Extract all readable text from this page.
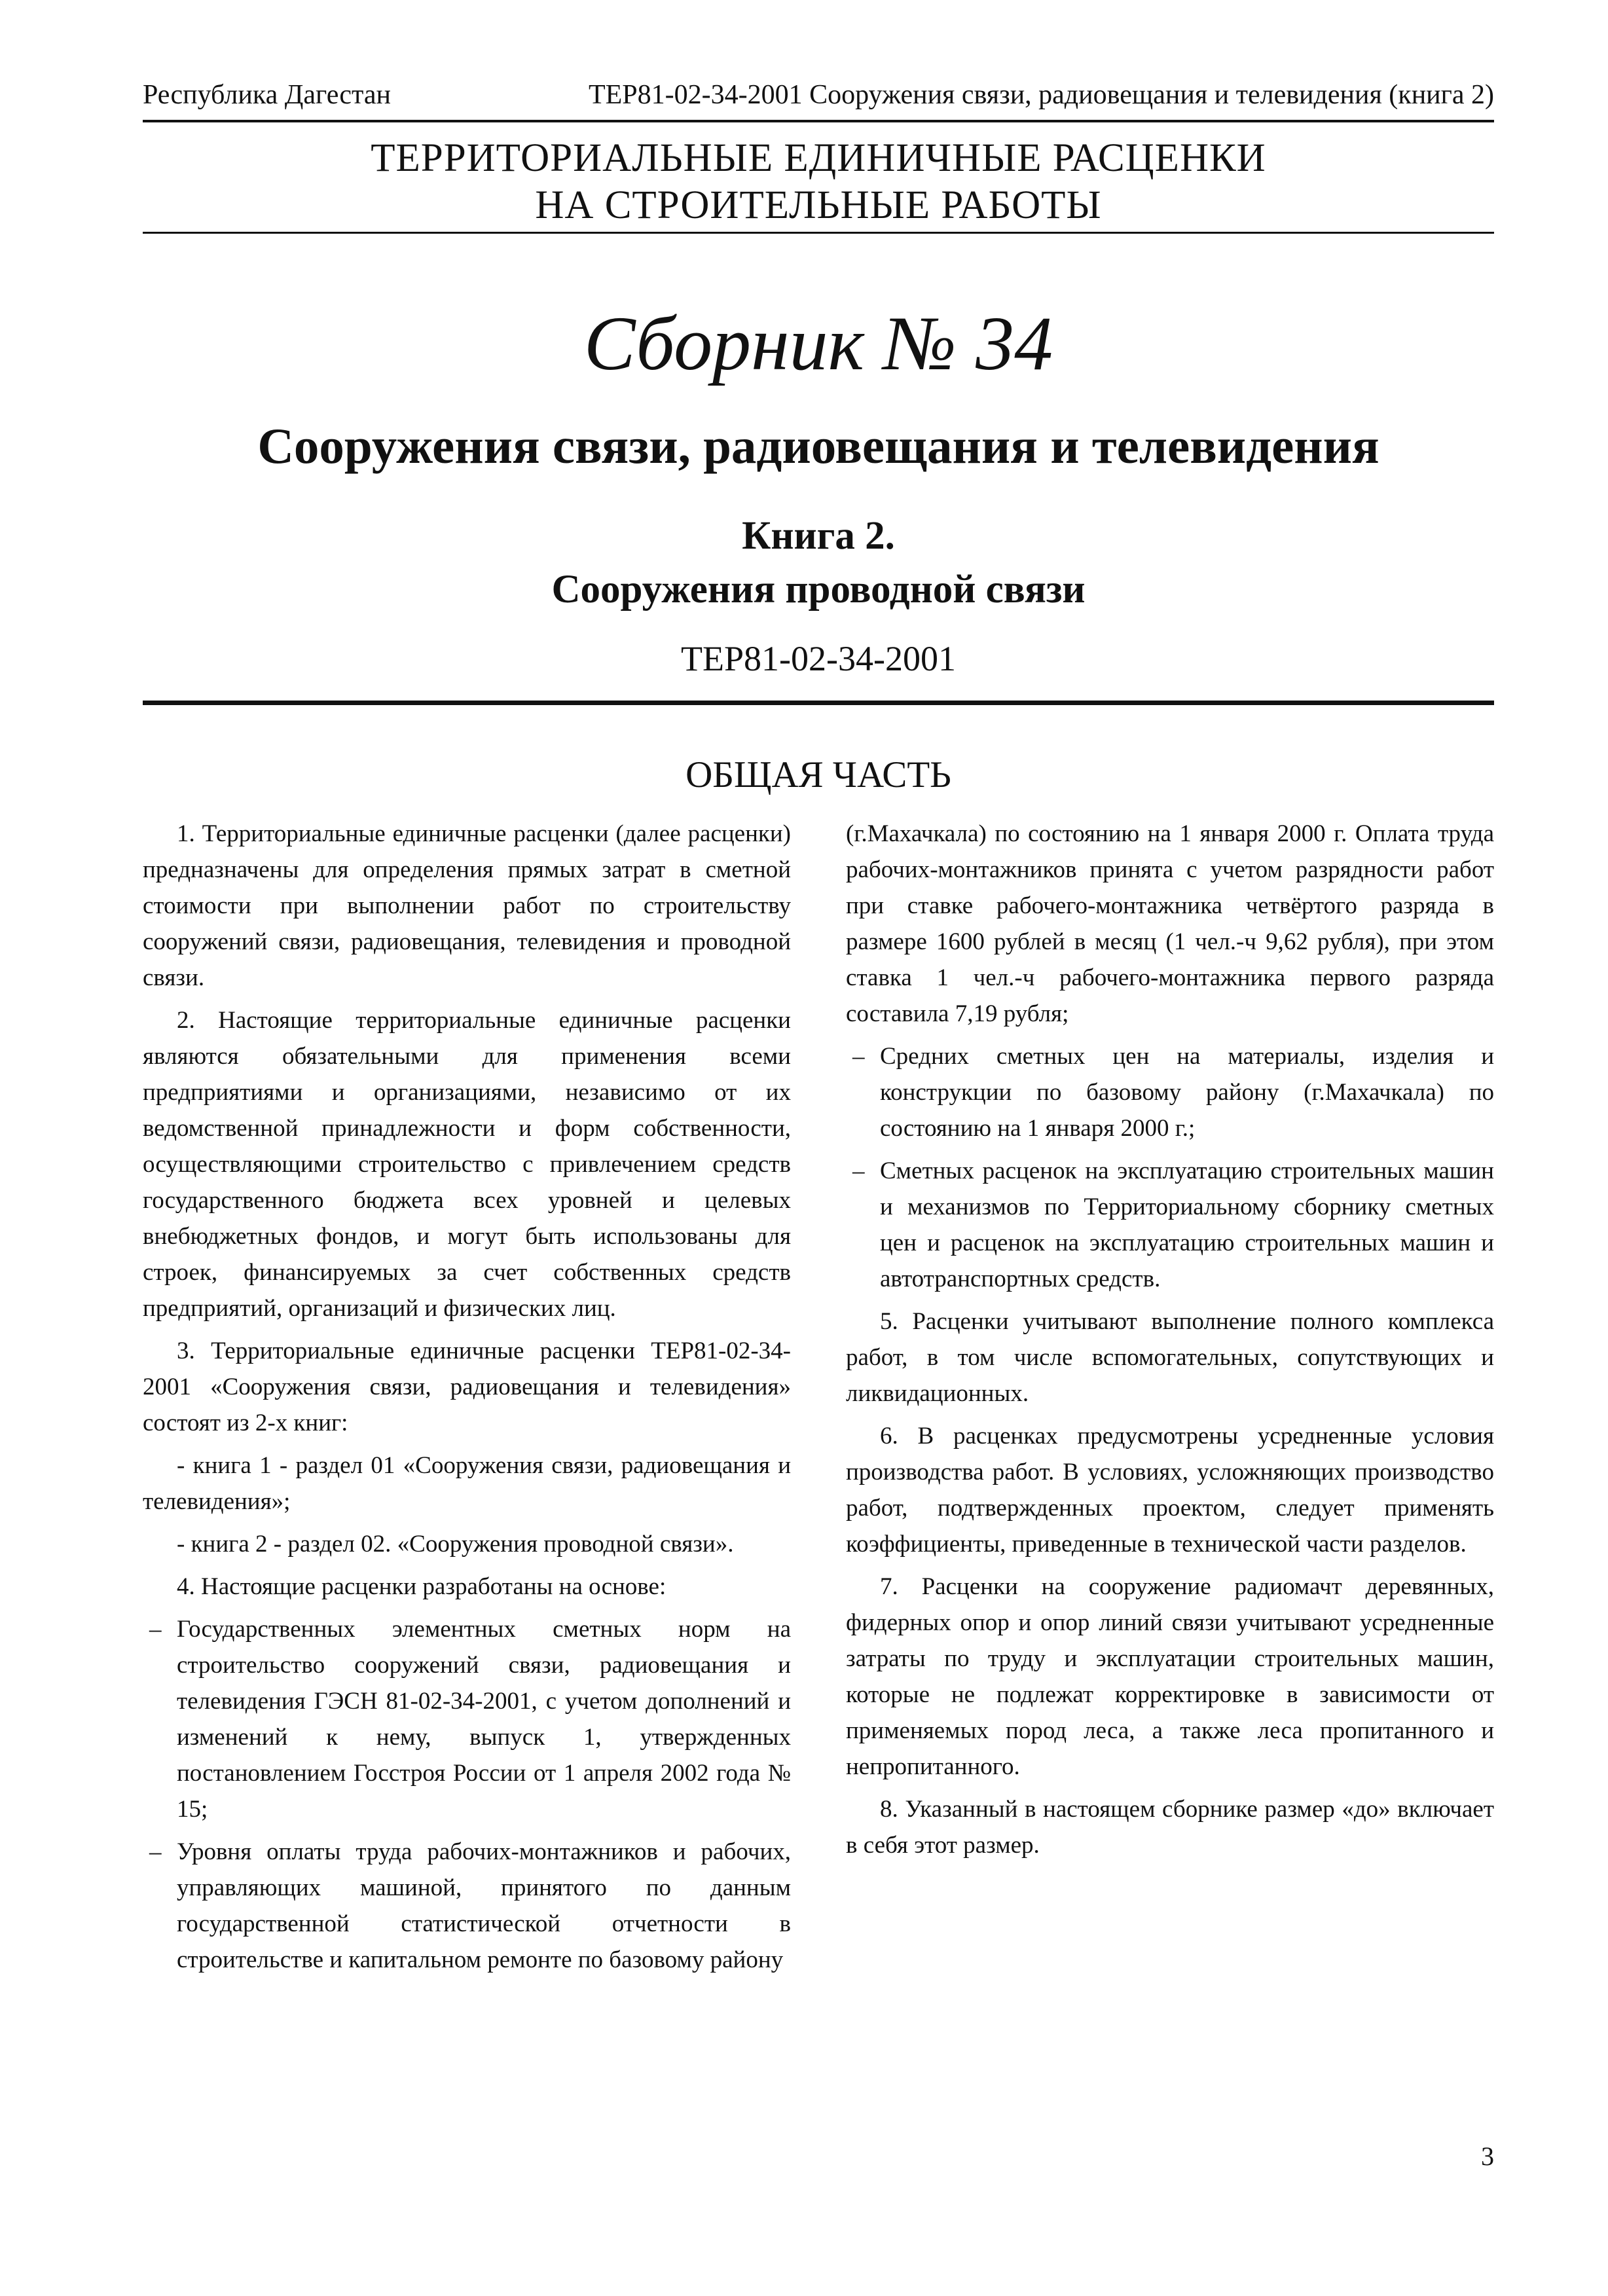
Республика Дагестан	ТЕР81-02-34-2001 Сооружения связи, радиовещания и телевидения (книга 2)
ТЕРРИТОРИАЛЬНЫЕ ЕДИНИЧНЫЕ РАСЦЕНКИ
НА СТРОИТЕЛЬНЫЕ РАБОТЫ
Сборник № 34
Сооружения связи, радиовещания и телевидения
Книга 2.
Сооружения проводной связи
ТЕР81-02-34-2001
ОБЩАЯ ЧАСТЬ

1. Территориальные единичные расценки (далее расценки) предназначены для определения прямых затрат в сметной стоимости при выполнении работ по строительству сооружений связи, радиовещания, телевидения и проводной связи.

2. Настоящие территориальные единичные расценки являются обязательными для применения всеми предприятиями и организациями, независимо от их ведомственной принадлежности и форм собственности, осуществляющими строительство с привлечением средств государственного бюджета всех уровней и целевых внебюджетных фондов, и могут быть использованы для строек, финансируемых за счет собственных средств предприятий, организаций и физических лиц.

3. Территориальные единичные расценки ТЕР81-02-34-2001 «Сооружения связи, радиовещания и телевидения» состоят из 2-х книг:

- книга 1 - раздел 01 «Сооружения связи, радиовещания и телевидения»;

- книга 2 - раздел 02. «Сооружения проводной связи».

4. Настоящие расценки разработаны на основе:

– Государственных элементных сметных норм на строительство сооружений связи, радиовещания и телевидения ГЭСН 81-02-34-2001, с учетом дополнений и изменений к нему, выпуск 1, утвержденных постановлением Госстроя России от 1 апреля 2002 года № 15;

– Уровня оплаты труда рабочих-монтажников и рабочих, управляющих машиной, принятого по данным государственной статистической отчетности в строительстве и капитальном ремонте по базовому району

(г.Махачкала) по состоянию на 1 января 2000 г. Оплата труда рабочих-монтажников принята с учетом разрядности работ при ставке рабочего-монтажника четвёртого разряда в размере 1600 рублей в месяц (1 чел.-ч 9,62 рубля), при этом ставка 1 чел.-ч рабочего-монтажника первого разряда составила 7,19 рубля;

– Средних сметных цен на материалы, изделия и конструкции по базовому району (г.Махачкала) по состоянию на 1 января 2000 г.;

– Сметных расценок на эксплуатацию строительных машин и механизмов по Территориальному сборнику сметных цен и расценок на эксплуатацию строительных машин и автотранспортных средств.

5. Расценки учитывают выполнение полного комплекса работ, в том числе вспомогательных, сопутствующих и ликвидационных.

6. В расценках предусмотрены усредненные условия производства работ. В условиях, усложняющих производство работ, подтвержденных проектом, следует применять коэффициенты, приведенные в технической части разделов.

7. Расценки на сооружение радиомачт деревянных, фидерных опор и опор линий связи учитывают усредненные затраты по труду и эксплуатации строительных машин, которые не подлежат корректировке в зависимости от применяемых пород леса, а также леса пропитанного и непропитанного.

8. Указанный в настоящем сборнике размер «до» включает в себя этот размер.

3
